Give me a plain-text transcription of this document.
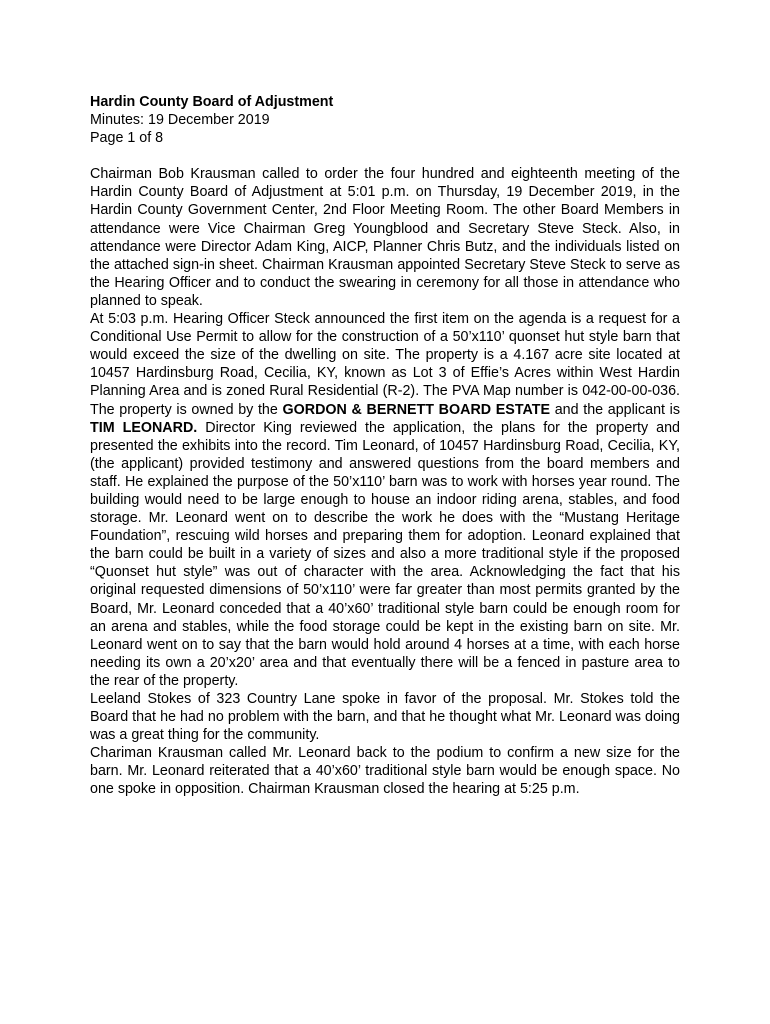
Hardin County Board of Adjustment
Minutes: 19 December 2019
Page 1 of 8

Chairman Bob Krausman called to order the four hundred and eighteenth meeting of the Hardin County Board of Adjustment at 5:01 p.m. on Thursday, 19 December 2019, in the Hardin County Government Center, 2nd Floor Meeting Room. The other Board Members in attendance were Vice Chairman Greg Youngblood and Secretary Steve Steck. Also, in attendance were Director Adam King, AICP, Planner Chris Butz, and the individuals listed on the attached sign-in sheet. Chairman Krausman appointed Secretary Steve Steck to serve as the Hearing Officer and to conduct the swearing in ceremony for all those in attendance who planned to speak.

At 5:03 p.m. Hearing Officer Steck announced the first item on the agenda is a request for a Conditional Use Permit to allow for the construction of a 50’x110’ quonset hut style barn that would exceed the size of the dwelling on site. The property is a 4.167 acre site located at 10457 Hardinsburg Road, Cecilia, KY, known as Lot 3 of Effie’s Acres within West Hardin Planning Area and is zoned Rural Residential (R-2). The PVA Map number is 042-00-00-036. The property is owned by the GORDON & BERNETT BOARD ESTATE and the applicant is TIM LEONARD. Director King reviewed the application, the plans for the property and presented the exhibits into the record. Tim Leonard, of 10457 Hardinsburg Road, Cecilia, KY, (the applicant) provided testimony and answered questions from the board members and staff. He explained the purpose of the 50’x110’ barn was to work with horses year round. The building would need to be large enough to house an indoor riding arena, stables, and food storage. Mr. Leonard went on to describe the work he does with the “Mustang Heritage Foundation”, rescuing wild horses and preparing them for adoption. Leonard explained that the barn could be built in a variety of sizes and also a more traditional style if the proposed “Quonset hut style” was out of character with the area. Acknowledging the fact that his original requested dimensions of 50’x110’ were far greater than most permits granted by the Board, Mr. Leonard conceded that a 40’x60’ traditional style barn could be enough room for an arena and stables, while the food storage could be kept in the existing barn on site. Mr. Leonard went on to say that the barn would hold around 4 horses at a time, with each horse needing its own a 20’x20’ area and that eventually there will be a fenced in pasture area to the rear of the property.

Leeland Stokes of 323 Country Lane spoke in favor of the proposal. Mr. Stokes told the Board that he had no problem with the barn, and that he thought what Mr. Leonard was doing was a great thing for the community.

Chariman Krausman called Mr. Leonard back to the podium to confirm a new size for the barn. Mr. Leonard reiterated that a 40’x60’ traditional style barn would be enough space. No one spoke in opposition. Chairman Krausman closed the hearing at 5:25 p.m.
